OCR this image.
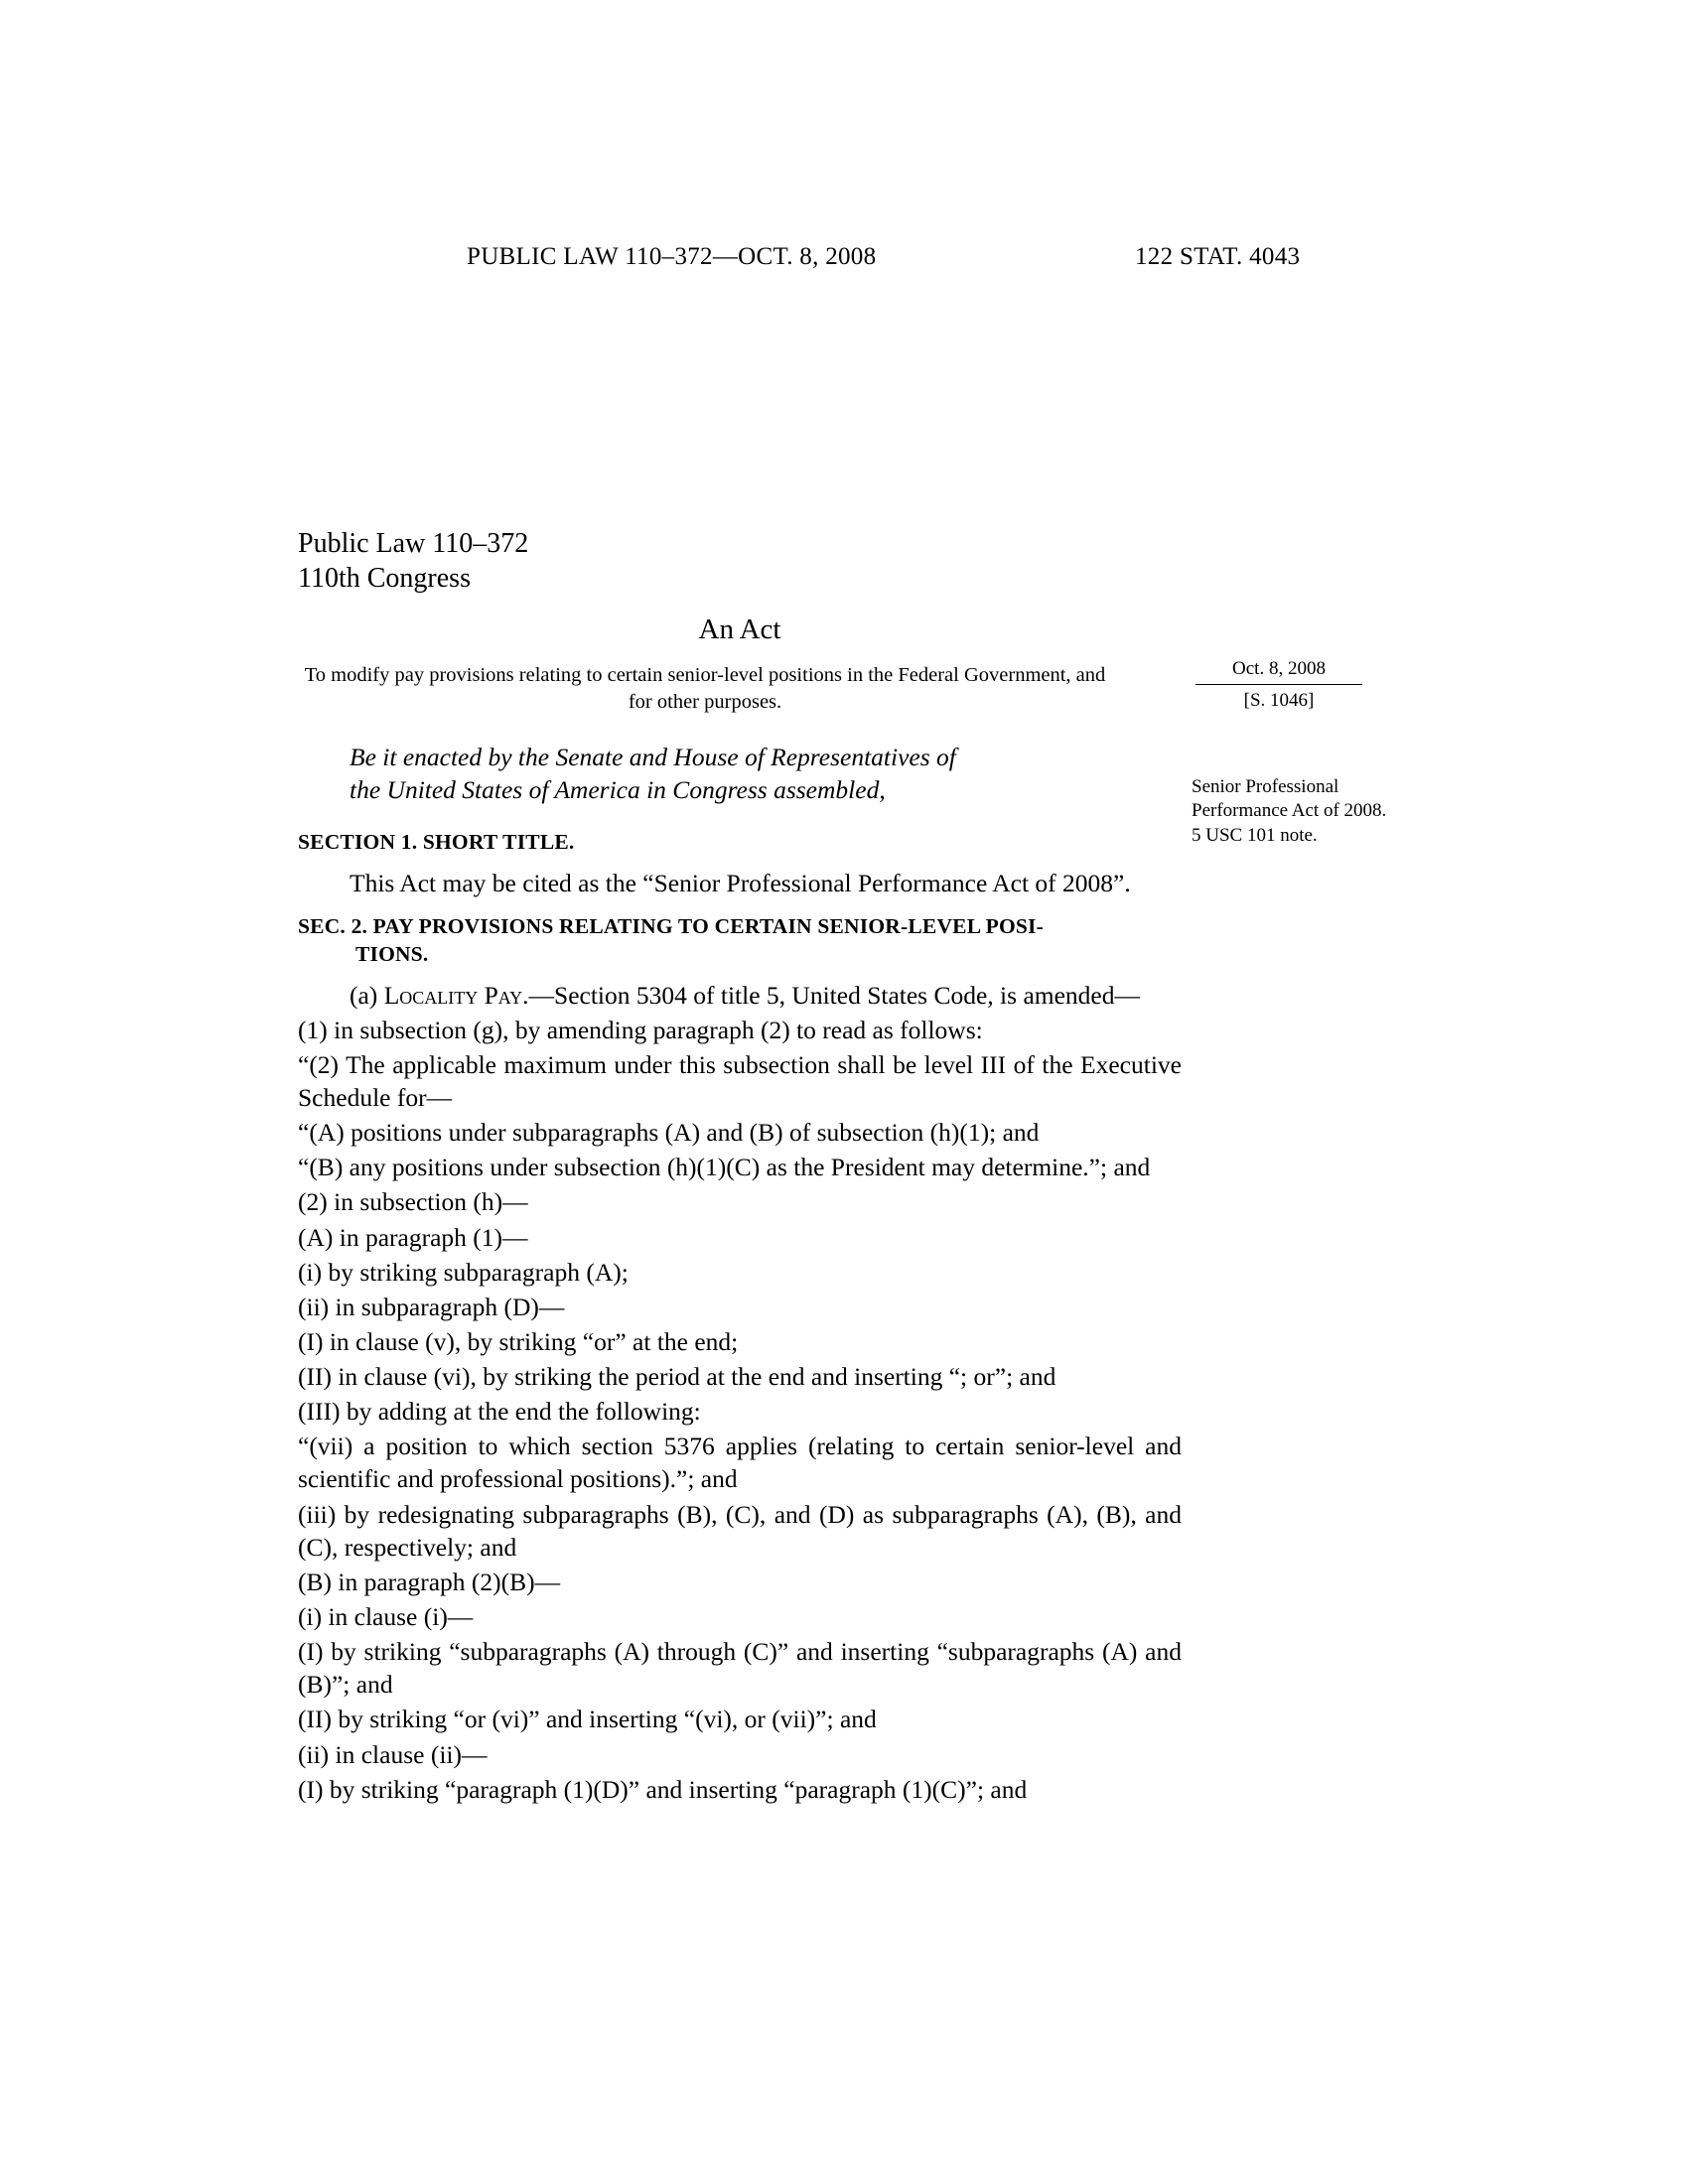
PUBLIC LAW 110–372—OCT. 8, 2008	122 STAT. 4043
Public Law 110–372
110th Congress
An Act
To modify pay provisions relating to certain senior-level positions in the Federal Government, and for other purposes.
Be it enacted by the Senate and House of Representatives of
the United States of America in Congress assembled,
SECTION 1. SHORT TITLE.

This Act may be cited as the “Senior Professional Performance Act of 2008”.

SEC. 2. PAY PROVISIONS RELATING TO CERTAIN SENIOR-LEVEL POSI-
TIONS.

(a) Locality Pay.—Section 5304 of title 5, United States Code, is amended—

(1) in subsection (g), by amending paragraph (2) to read as follows:

“(2) The applicable maximum under this subsection shall be level III of the Executive Schedule for—

“(A) positions under subparagraphs (A) and (B) of subsection (h)(1); and

“(B) any positions under subsection (h)(1)(C) as the President may determine.”; and

(2) in subsection (h)—

(A) in paragraph (1)—

(i) by striking subparagraph (A);

(ii) in subparagraph (D)—

(I) in clause (v), by striking “or” at the end;

(II) in clause (vi), by striking the period at the end and inserting “; or”; and

(III) by adding at the end the following:

“(vii) a position to which section 5376 applies (relating to certain senior-level and scientific and professional positions).”; and

(iii) by redesignating subparagraphs (B), (C), and (D) as subparagraphs (A), (B), and (C), respectively; and

(B) in paragraph (2)(B)—

(i) in clause (i)—

(I) by striking “subparagraphs (A) through (C)” and inserting “subparagraphs (A) and (B)”; and

(II) by striking “or (vi)” and inserting “(vi), or (vii)”; and

(ii) in clause (ii)—

(I) by striking “paragraph (1)(D)” and inserting “paragraph (1)(C)”; and

Oct. 8, 2008
[S. 1046]
Senior Professional Performance Act of 2008.
5 USC 101 note.
